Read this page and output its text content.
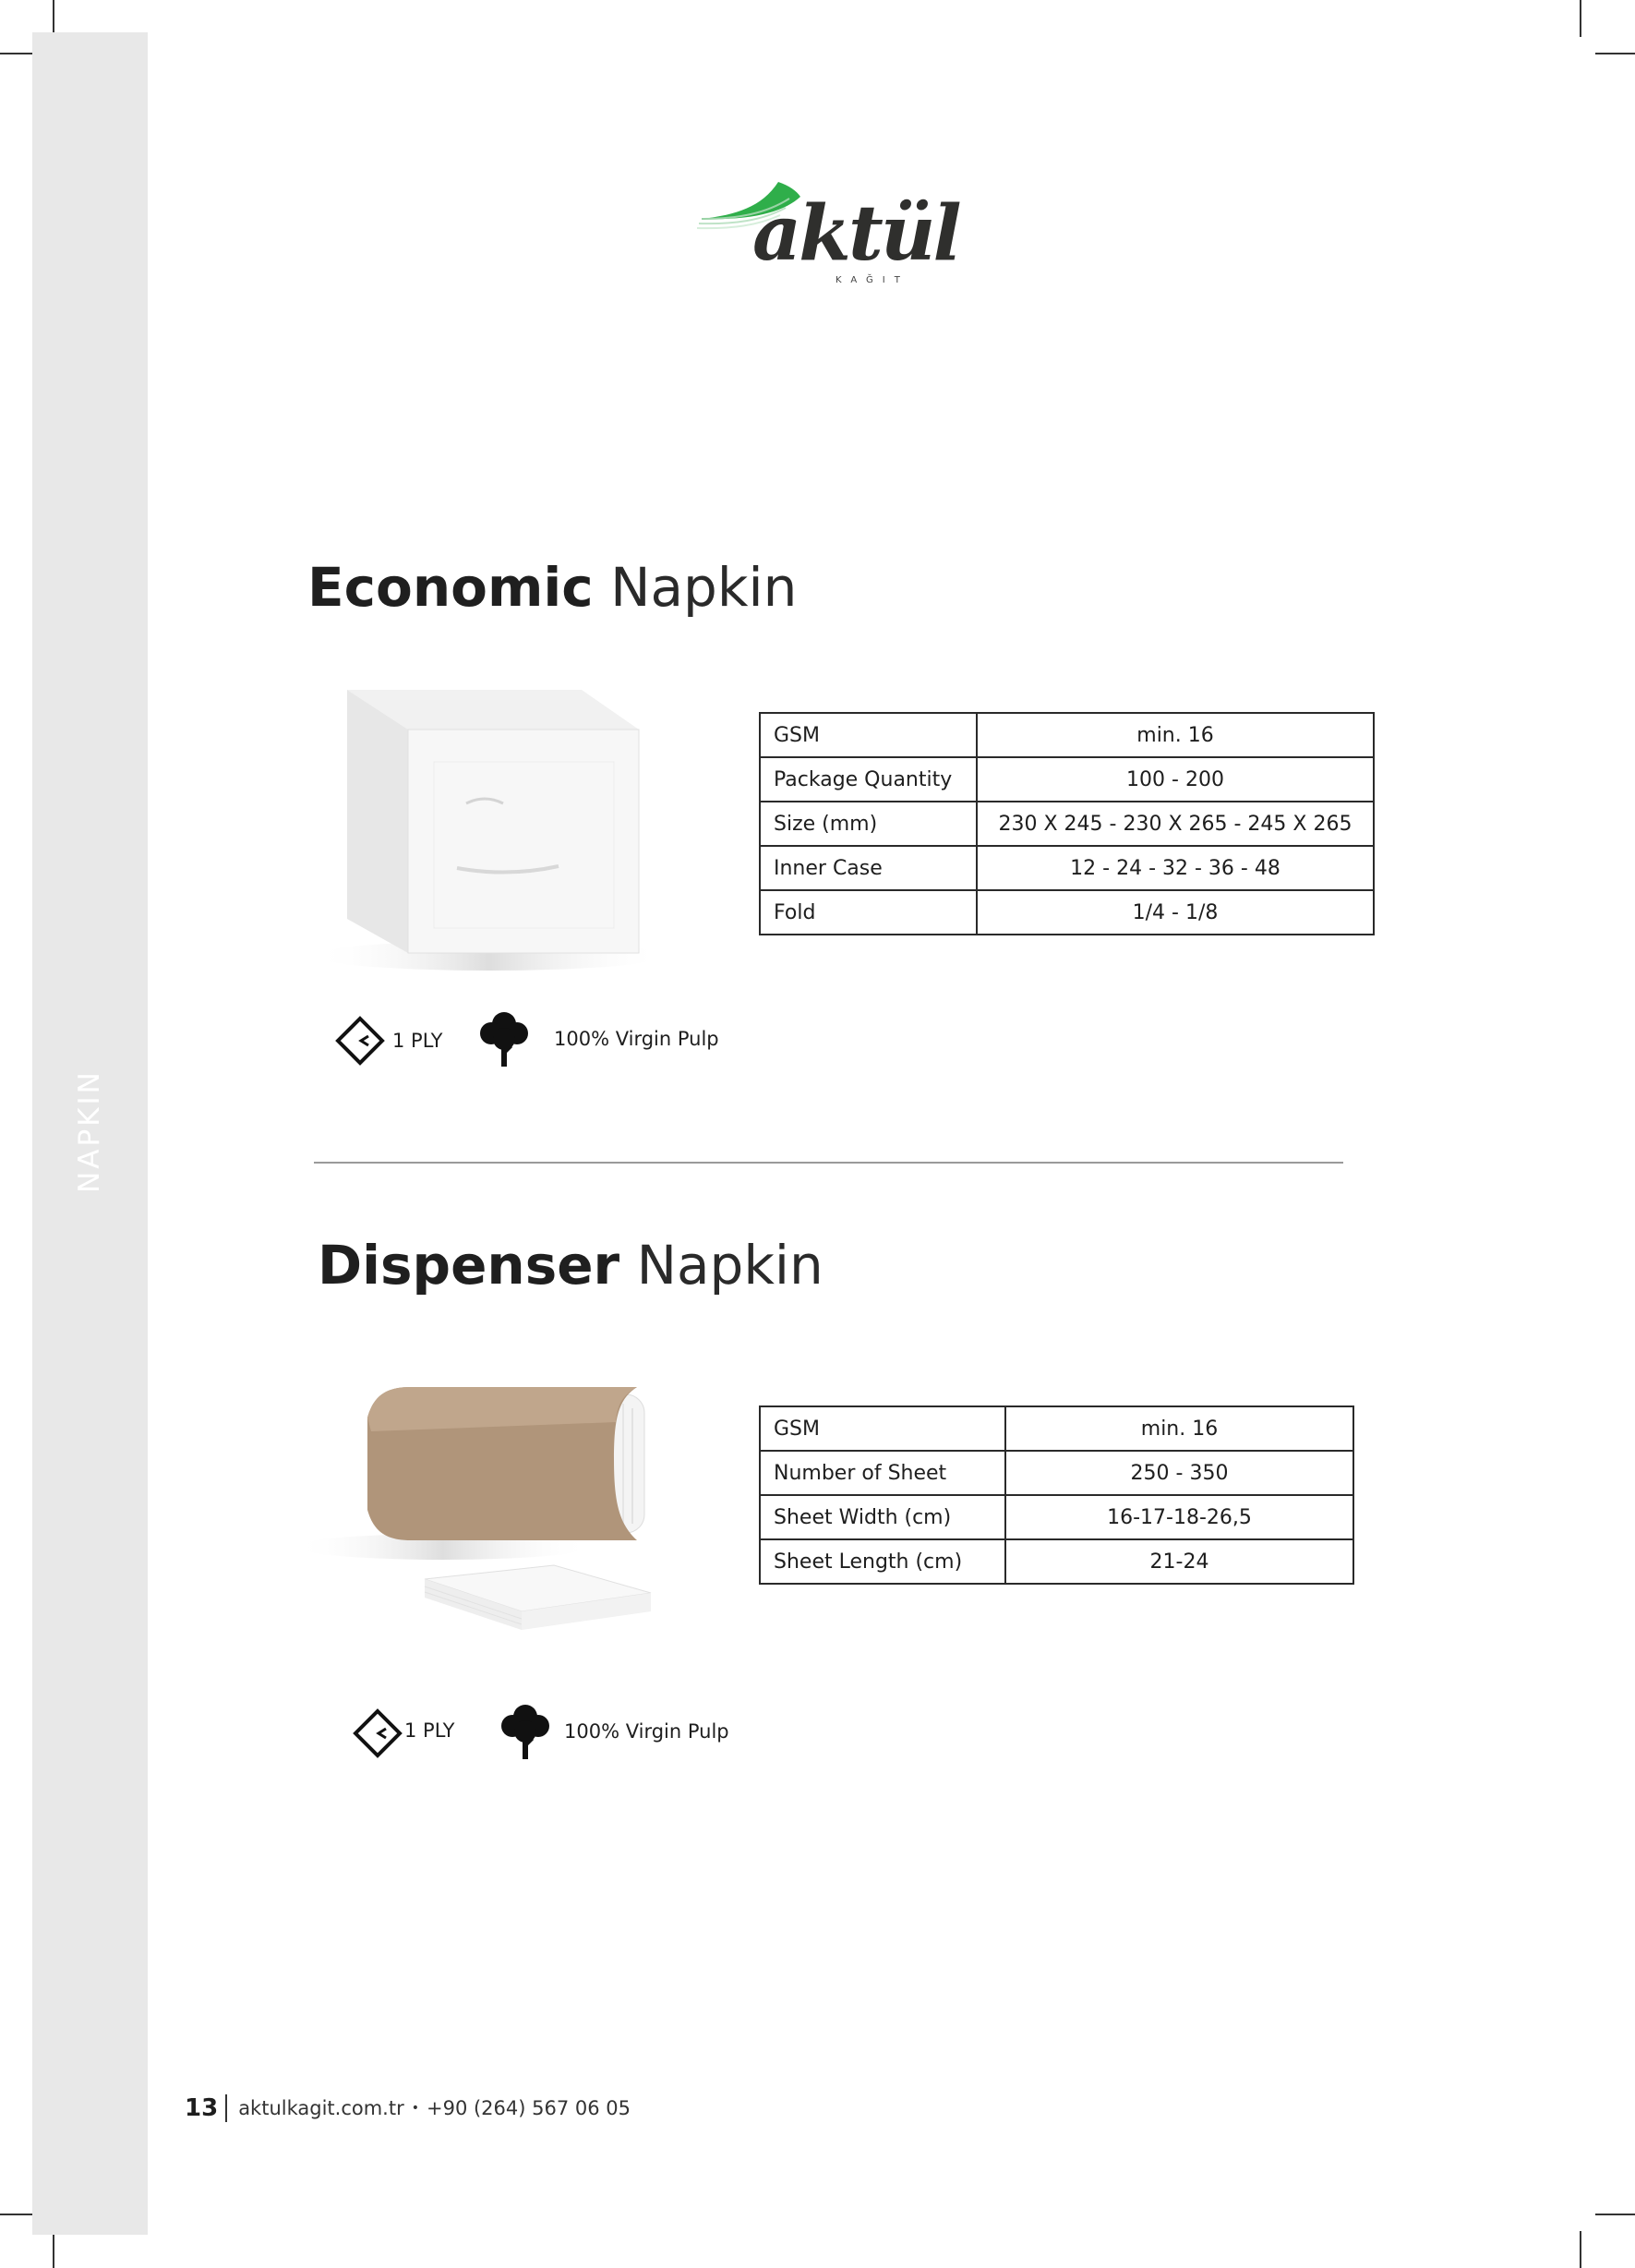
NAPKIN
aktül
KAĞIT
Economic Napkin
GSM	min. 16
Package Quantity	100 - 200
Size (mm)	230 X 245 - 230 X 265 - 245 X 265
Inner Case	12 - 24 - 32 - 36 - 48
Fold	1/4 - 1/8
1 PLY	100% Virgin Pulp
Dispenser Napkin
GSM	min. 16
Number of Sheet	250 - 350
Sheet Width (cm)	16-17-18-26,5
Sheet Length (cm)	21-24
1 PLY	100% Virgin Pulp
13 aktulkagit.com.tr • +90 (264) 567 06 05
